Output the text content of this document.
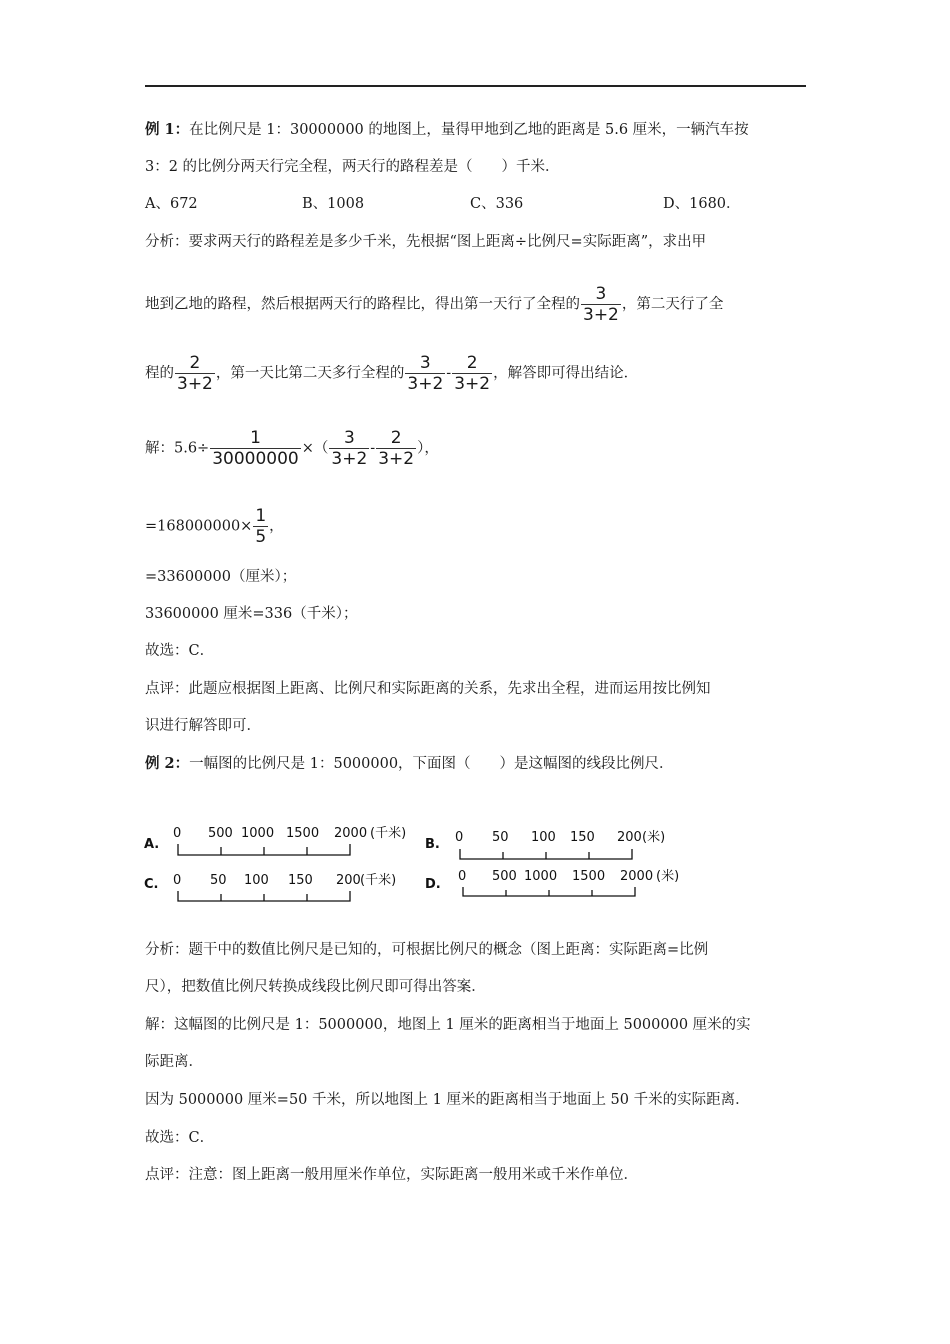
例 1：在比例尺是 1：30000000 的地图上，量得甲地到乙地的距离是 5.6 厘米，一辆汽车按
3：2 的比例分两天行完全程，两天行的路程差是（　　）千米．
A、672	B、1008	C、336	D、1680．
分析：要求两天行的路程差是多少千米，先根据“图上距离÷比例尺=实际距离”，求出甲
地到乙地的路程，然后根据两天行的路程比，得出第一天行了全程的 $\frac{3}{3+2}$ ，第二天行了全
程的 $\frac{2}{3+2}$ ，第一天比第二天多行全程的 $\frac{3}{3+2} - \frac{2}{3+2}$ ，解答即可得出结论．
解：$5.6\div \frac{1}{30000000}$ ×（ $\frac{3}{3+2} - \frac{2}{3+2}$ ），
$=168000000\times \frac{1}{5}$ ，
=33600000（厘米）；
33600000 厘米=336（千米）；
故选：C．
点评：此题应根据图上距离、比例尺和实际距离的关系，先求出全程，进而运用按比例知
识进行解答即可．
例 2：一幅图的比例尺是 1：5000000，下面图（　　）是这幅图的线段比例尺．
A.
0 500 1000 1500 2000 (千米)
B. 0 50 100 150 200 (米)
C. 0 50 100 150 200 (千米) D.
0 500 1000 1500 2000 (米)
分析：题干中的数值比例尺是已知的，可根据比例尺的概念（图上距离：实际距离=比例
尺），把数值比例尺转换成线段比例尺即可得出答案．
解：这幅图的比例尺是 1：5000000，地图上 1 厘米的距离相当于地面上 5000000 厘米的实
际距离．
因为 5000000 厘米=50 千米，所以地图上 1 厘米的距离相当于地面上 50 千米的实际距离．
故选：C．
点评：注意：图上距离一般用厘米作单位，实际距离一般用米或千米作单位．
